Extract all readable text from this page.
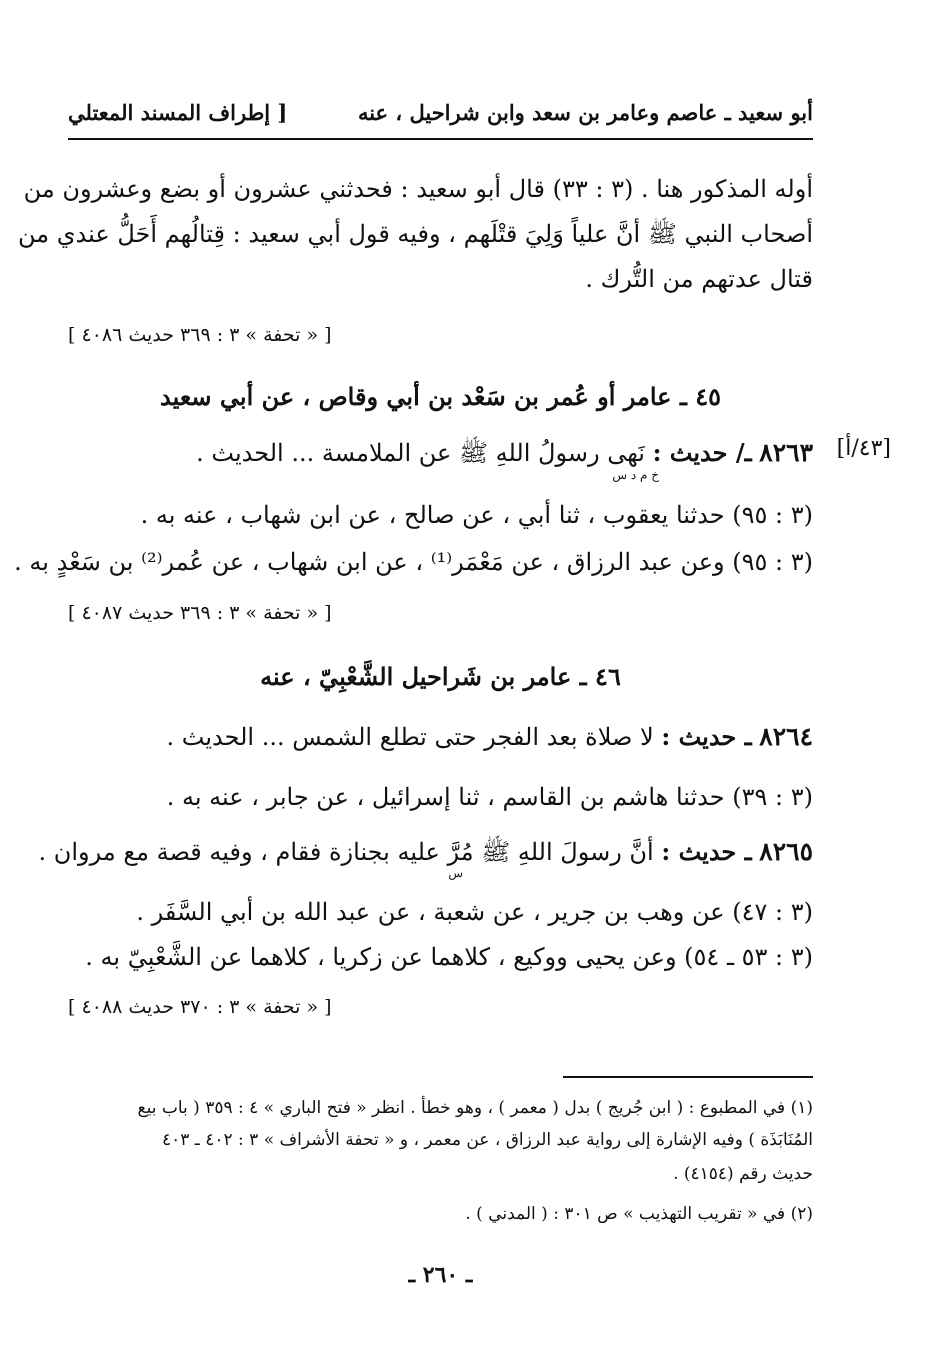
أبو سعيد ـ عاصم وعامر بن سعد وابن شراحيل ، عنه
[ إطراف المسند المعتلي
أوله المذكور هنا . (٣ : ٣٣) قال أبو سعيد : فحدثني عشرون أو بضع وعشرون من
أصحاب النبي ﷺ أنَّ علياً وَلِيَ قتْلَهم ، وفيه قول أبي سعيد : قِتالُهم أَحَلُّ عندي من
قتال عدتهم من التُّرك .
[ « تحفة » ٣ : ٣٦٩ حديث ٤٠٨٦ ]
٤٥ ـ عامر أو عُمر بن سَعْد بن أبي وقاص ، عن أبي سعيد
[٤٣/أ]
٨٢٦٣ ـ/ حديث : نَهى رسولُ اللهِ ﷺ عن الملامسة ... الحديث .
خ م د س
(٣ : ٩٥) حدثنا يعقوب ، ثنا أبي ، عن صالح ، عن ابن شهاب ، عنه به .
(٣ : ٩٥) وعن عبد الرزاق ، عن مَعْمَر⁽¹⁾ ، عن ابن شهاب ، عن عُمر⁽²⁾ بن سَعْدٍ به .
[ « تحفة » ٣ : ٣٦٩ حديث ٤٠٨٧ ]
٤٦ ـ عامر بن شَراحيل الشَّعْبِيّ ، عنه
٨٢٦٤ ـ حديث : لا صلاة بعد الفجر حتى تطلع الشمس ... الحديث .
(٣ : ٣٩) حدثنا هاشم بن القاسم ، ثنا إسرائيل ، عن جابر ، عنه به .
٨٢٦٥ ـ حديث : أنَّ رسولَ اللهِ ﷺ مُرَّ عليه بجنازة فقام ، وفيه قصة مع مروان .
س
(٣ : ٤٧) عن وهب بن جرير ، عن شعبة ، عن عبد الله بن أبي السَّفَر .
(٣ : ٥٣ ـ ٥٤) وعن يحيى ووكيع ، كلاهما عن زكريا ، كلاهما عن الشَّعْبِيّ به .
[ « تحفة » ٣ : ٣٧٠ حديث ٤٠٨٨ ]
(١) في المطبوع : ( ابن جُريج ) بدل ( معمر ) ، وهو خطأ . انظر « فتح الباري » ٤ : ٣٥٩ ( باب بيع
المُنَابَذَة ) وفيه الإشارة إلى رواية عبد الرزاق ، عن معمر ، و « تحفة الأشراف » ٣ : ٤٠٢ ـ ٤٠٣
حديث رقم (٤١٥٤) .
(٢) في « تقريب التهذيب » ص ٣٠١ : ( المدني ) .
ـ ٢٦٠ ـ
